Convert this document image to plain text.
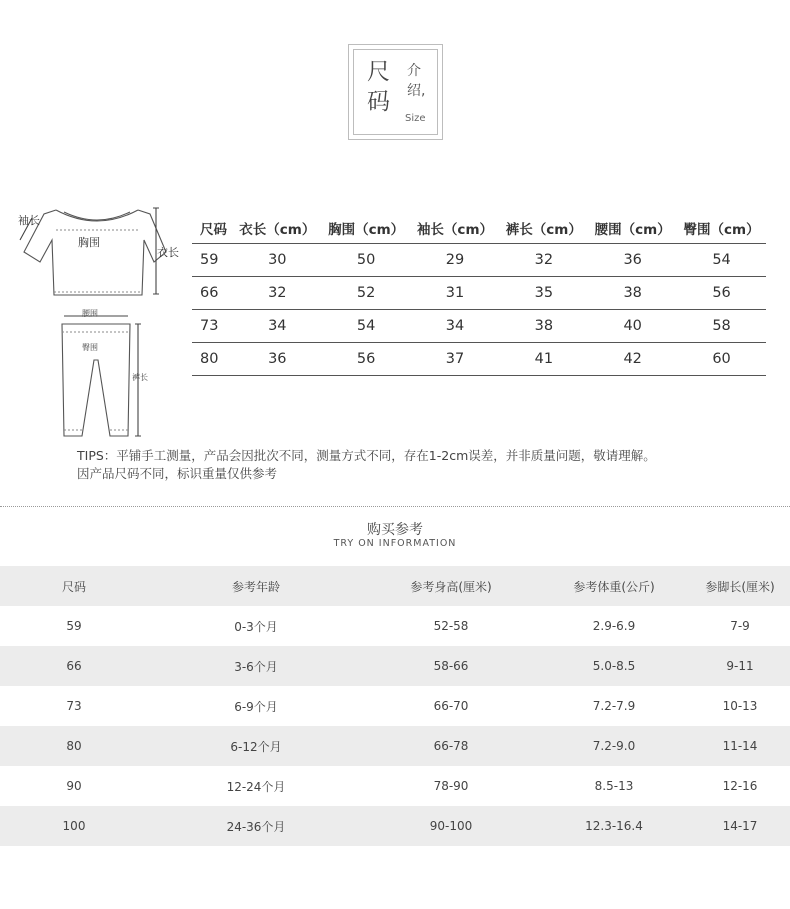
尺
码
介
绍,
Size
袖长
胸围
衣长
腰围
臀围
裤长
尺码	衣长（cm）	胸围（cm）	袖长（cm）	裤长（cm）	腰围（cm）	臀围（cm）
59	30	50	29	32	36	54
66	32	52	31	35	38	56
73	34	54	34	38	40	58
80	36	56	37	41	42	60
TIPS：平铺手工测量，产品会因批次不同，测量方式不同，存在1-2cm误差，并非质量问题，敬请理解。
因产品尺码不同，标识重量仅供参考
购买参考
TRY ON INFORMATION
尺码	参考年龄	参考身高(厘米)	参考体重(公斤)	参脚长(厘米)
59	0-3个月	52-58	2.9-6.9	7-9
66	3-6个月	58-66	5.0-8.5	9-11
73	6-9个月	66-70	7.2-7.9	10-13
80	6-12个月	66-78	7.2-9.0	11-14
90	12-24个月	78-90	8.5-13	12-16
100	24-36个月	90-100	12.3-16.4	14-17
